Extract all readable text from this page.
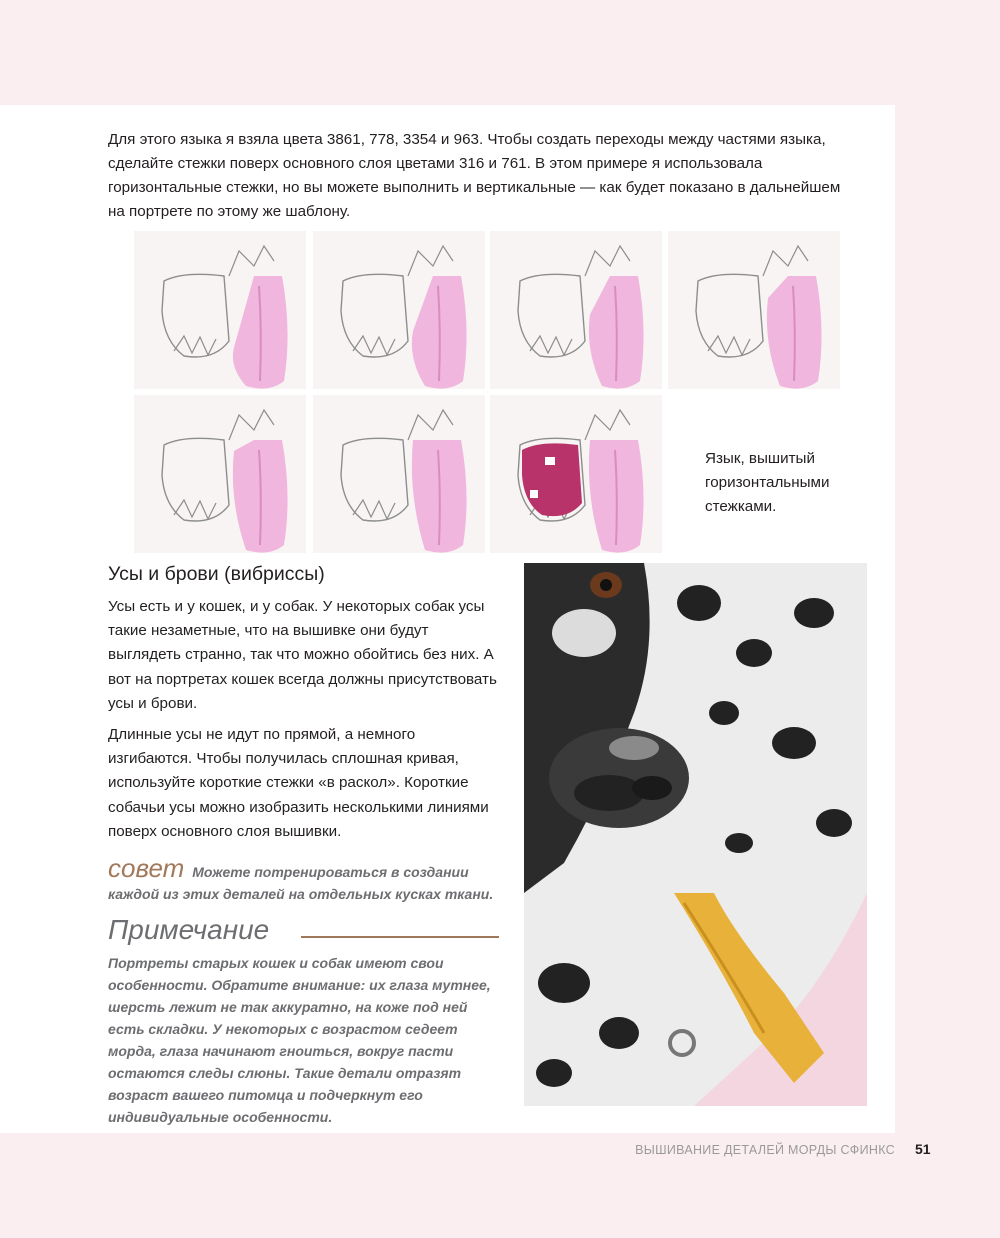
Для этого языка я взяла цвета 3861, 778, 3354 и 963. Чтобы создать переходы между частями языка, сделайте стежки поверх основного слоя цветами 316 и 761. В этом примере я использовала горизонтальные стежки, но вы можете выполнить и вертикальные — как будет показано в дальнейшем на портрете по этому же шаблону.

Язык, вышитый горизонтальными стежками.

Усы и брови (вибриссы)

Усы есть и у кошек, и у собак. У некоторых собак усы такие незаметные, что на вышивке они будут выглядеть странно, так что можно обойтись без них. А вот на портретах кошек всегда должны присутствовать усы и брови.

Длинные усы не идут по прямой, а немного изгибаются. Чтобы получилась сплошная кривая, используйте короткие стежки «в раскол». Короткие собачьи усы можно изобразить несколькими линиями поверх основного слоя вышивки.

совет Можете потренироваться в создании каждой из этих деталей на отдельных кусках ткани.

Примечание

Портреты старых кошек и собак имеют свои особенности. Обратите внимание: их глаза мутнее, шерсть лежит не так аккуратно, на коже под ней есть складки. У некоторых с возрастом седеет морда, глаза начинают гноиться, вокруг пасти остаются следы слюны. Такие детали отразят возраст вашего питомца и подчеркнут его индивидуальные особенности.

ВЫШИВАНИЕ ДЕТАЛЕЙ МОРДЫ СФИНКС 51
